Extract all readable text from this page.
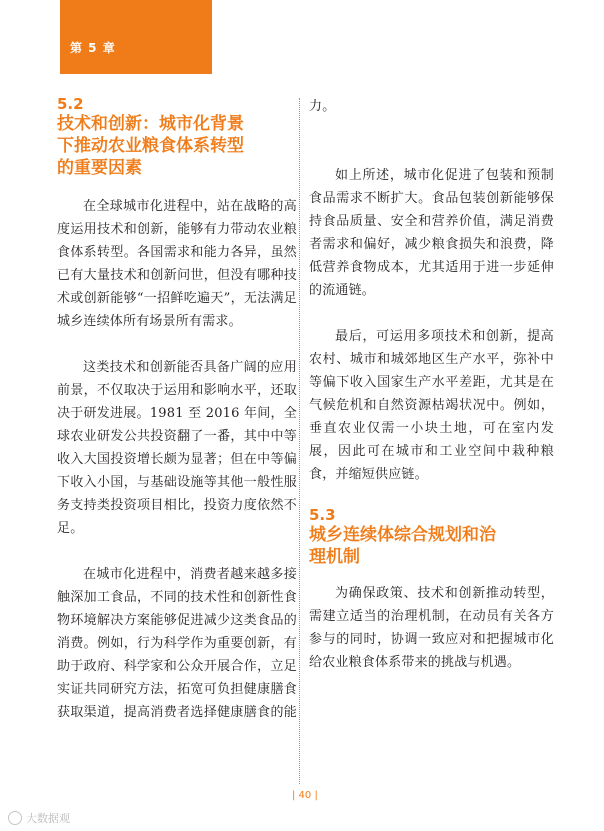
第 5 章
5.2
技术和创新：城市化背景
下推动农业粮食体系转型
的重要因素

在全球城市化进程中，站在战略的高度运用技术和创新，能够有力带动农业粮食体系转型。各国需求和能力各异，虽然已有大量技术和创新问世，但没有哪种技术或创新能够“一招鲜吃遍天”，无法满足城乡连续体所有场景所有需求。

这类技术和创新能否具备广阔的应用前景，不仅取决于运用和影响水平，还取决于研发进展。1981 至 2016 年间，全球农业研发公共投资翻了一番，其中中等收入大国投资增长颇为显著；但在中等偏下收入小国，与基础设施等其他一般性服务支持类投资项目相比，投资力度依然不足。

在城市化进程中，消费者越来越多接触深加工食品，不同的技术性和创新性食物环境解决方案能够促进减少这类食品的消费。例如，行为科学作为重要创新，有助于政府、科学家和公众开展合作，立足实证共同研究方法，拓宽可负担健康膳食获取渠道，提高消费者选择健康膳食的能

力。

如上所述，城市化促进了包装和预制食品需求不断扩大。食品包装创新能够保持食品质量、安全和营养价值，满足消费者需求和偏好，减少粮食损失和浪费，降低营养食物成本，尤其适用于进一步延伸的流通链。

最后，可运用多项技术和创新，提高农村、城市和城郊地区生产水平，弥补中等偏下收入国家生产水平差距，尤其是在气候危机和自然资源枯竭状况中。例如，垂直农业仅需一小块土地，可在室内发展，因此可在城市和工业空间中栽种粮食，并缩短供应链。

5.3
城乡连续体综合规划和治
理机制

为确保政策、技术和创新推动转型，需建立适当的治理机制，在动员有关各方参与的同时，协调一致应对和把握城市化给农业粮食体系带来的挑战与机遇。

| 40 |
大数据观
